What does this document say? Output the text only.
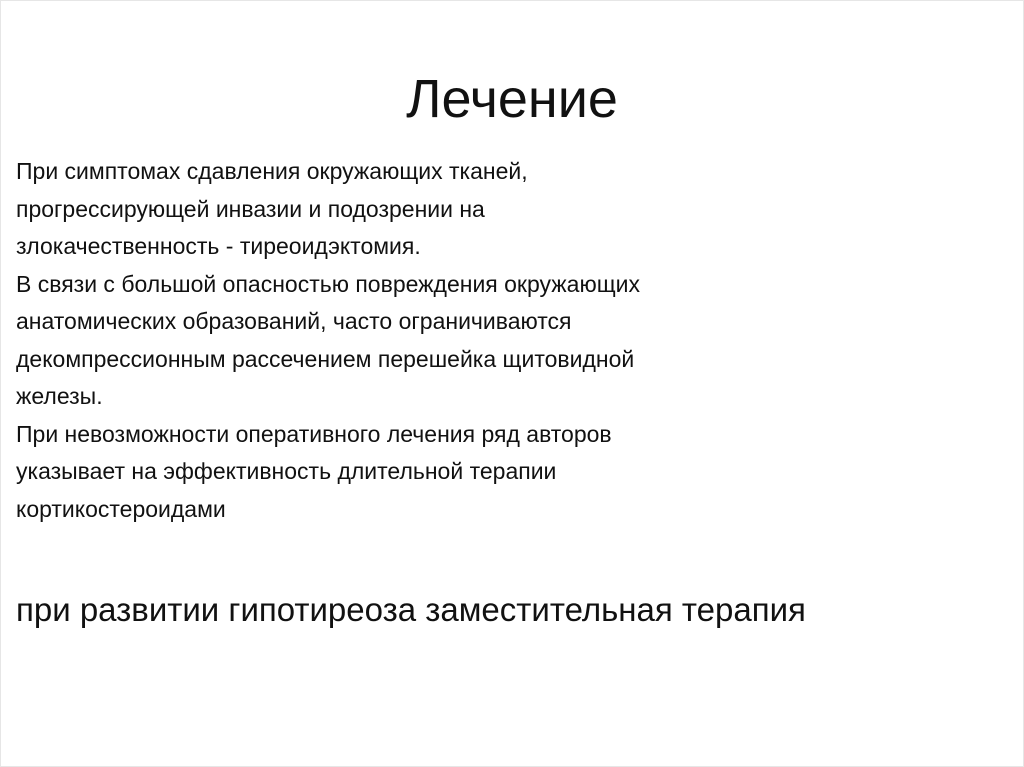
Лечение
При симптомах сдавления окружающих тканей,
прогрессирующей инвазии и подозрении на
злокачественность - тиреоидэктомия.
В связи с большой опасностью повреждения окружающих
анатомических образований, часто ограничиваются
декомпрессионным рассечением перешейка щитовидной
железы.
При невозможности оперативного лечения ряд авторов
указывает на эффективность длительной терапии
кортикостероидами

при развитии гипотиреоза заместительная терапия
